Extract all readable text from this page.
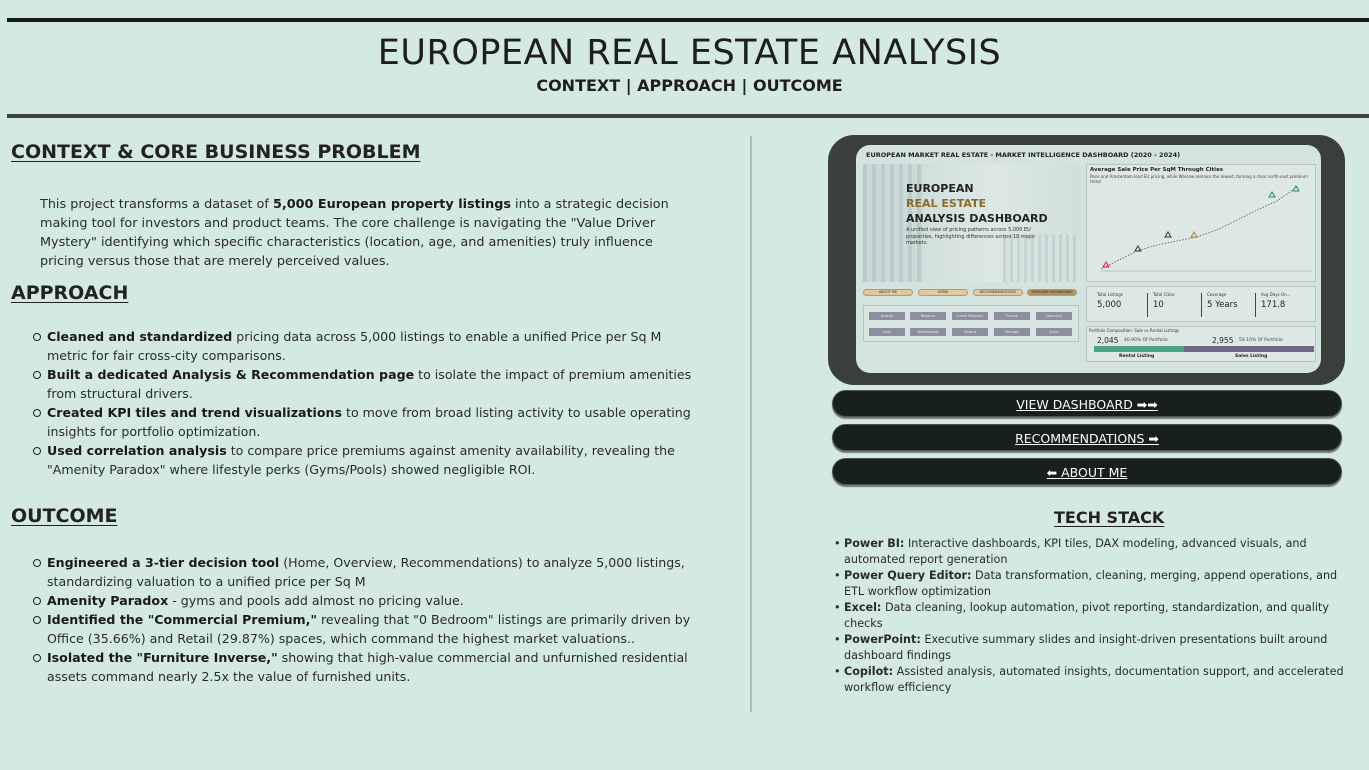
EUROPEAN REAL ESTATE ANALYSIS
CONTEXT | APPROACH | OUTCOME
CONTEXT & CORE BUSINESS PROBLEM

This project transforms a dataset of 5,000 European property listings into a strategic decision making tool for investors and product teams. The core challenge is navigating the "Value Driver Mystery" identifying which specific characteristics (location, age, and amenities) truly influence pricing versus those that are merely perceived values.

APPROACH
Cleaned and standardized pricing data across 5,000 listings to enable a unified Price per Sq M metric for fair cross-city comparisons.
Built a dedicated Analysis & Recommendation page to isolate the impact of premium amenities from structural drivers.
Created KPI tiles and trend visualizations to move from broad listing activity to usable operating insights for portfolio optimization.
Used correlation analysis to compare price premiums against amenity availability, revealing the "Amenity Paradox" where lifestyle perks (Gyms/Pools) showed negligible ROI.
OUTCOME
Engineered a 3-tier decision tool (Home, Overview, Recommendations) to analyze 5,000 listings, standardizing valuation to a unified price per Sq M
Amenity Paradox - gyms and pools add almost no pricing value.
Identified the "Commercial Premium," revealing that "0 Bedroom" listings are primarily driven by Office (35.66%) and Retail (29.87%) spaces, which command the highest market valuations..
Isolated the "Furniture Inverse," showing that high-value commercial and unfurnished residential assets command nearly 2.5x the value of furnished units.
EUROPEAN MARKET REAL ESTATE - MARKET INTELLIGENCE DASHBOARD (2020 - 2024)
EUROPEAN
REAL ESTATE
ANALYSIS DASHBOARD
A unified view of pricing patterns across 5,000 EU properties, highlighting differences across 10 major markets.
Average Sale Price Per SqM Through Cities
Paris and Amsterdam lead EU pricing, while Warsaw remains the lowest, forming a clear north-east premium trend
ABOUT ME	HOME	RECOMMENDATIONS	EXPLORE DASHBOARD
Austria	Belgium	Czech Republic	France	Germany
Italy	Netherlands	Poland	Portugal	Spain
Total Listings
5,000
Total Cities
10
Coverage
5 Years
Avg Days On...
171.8
Portfolio Composition: Sale vs Rental Listings
2,045 40.90% Of Portfolio	2,955 59.10% Of Portfolio
Rental Listing	Sales Listing
VIEW DASHBOARD ➡➡
RECOMMENDATIONS ➡
⬅ ABOUT ME
TECH STACK
• Power BI: Interactive dashboards, KPI tiles, DAX modeling, advanced visuals, and automated report generation
• Power Query Editor: Data transformation, cleaning, merging, append operations, and ETL workflow optimization
• Excel: Data cleaning, lookup automation, pivot reporting, standardization, and quality checks
• PowerPoint: Executive summary slides and insight-driven presentations built around dashboard findings
• Copilot: Assisted analysis, automated insights, documentation support, and accelerated workflow efficiency
